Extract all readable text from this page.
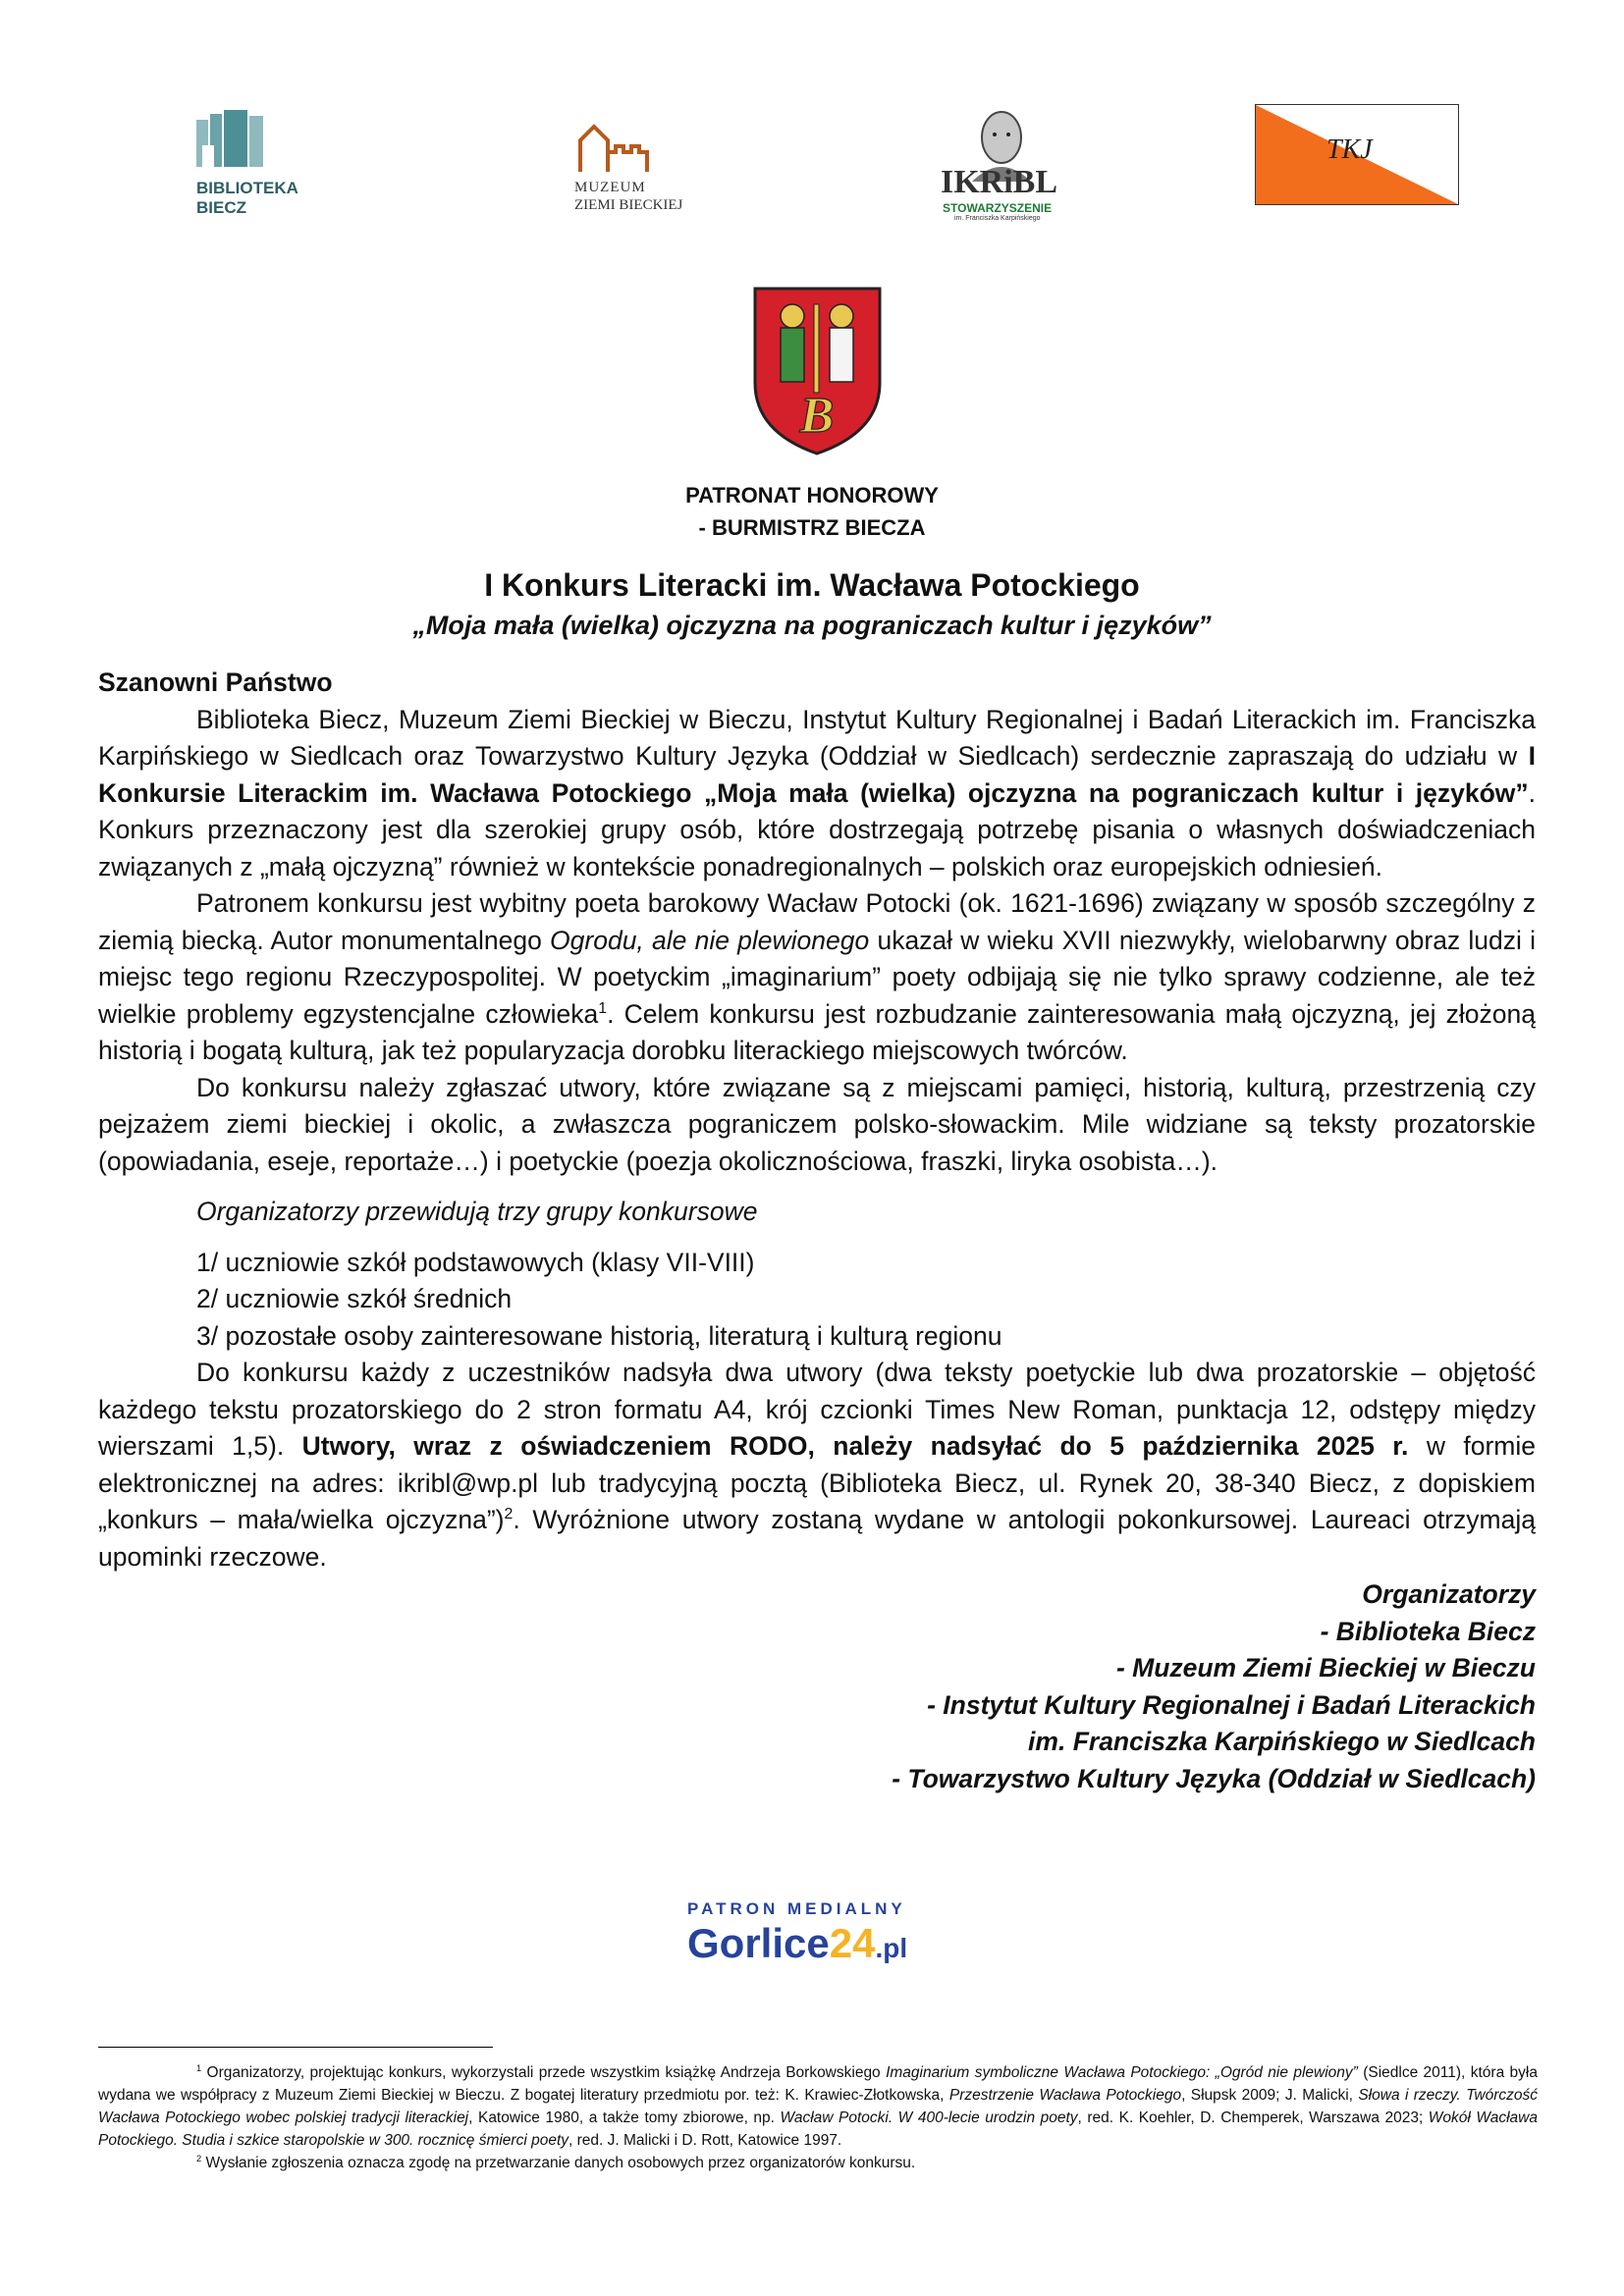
BIBLIOTEKA
BIECZ
MUZEUM
ZIEMI BIECKIEJ
IKRiBL
STOWARZYSZENIE
im. Franciszka Karpińskiego
TKJ
B
PATRONAT HONOROWY
- BURMISTRZ BIECZA
I Konkurs Literacki im. Wacława Potockiego
„Moja mała (wielka) ojczyzna na pograniczach kultur i języków”

Szanowni Państwo

Biblioteka Biecz, Muzeum Ziemi Bieckiej w Bieczu, Instytut Kultury Regionalnej i Badań Literackich im. Franciszka Karpińskiego w Siedlcach oraz Towarzystwo Kultury Języka (Oddział w Siedlcach) serdecznie zapraszają do udziału w I Konkursie Literackim im. Wacława Potockiego „Moja mała (wielka) ojczyzna na pograniczach kultur i języków”. Konkurs przeznaczony jest dla szerokiej grupy osób, które dostrzegają potrzebę pisania o własnych doświadczeniach związanych z „małą ojczyzną” również w kontekście ponadregionalnych – polskich oraz europejskich odniesień.

Patronem konkursu jest wybitny poeta barokowy Wacław Potocki (ok. 1621-1696) związany w sposób szczególny z ziemią biecką. Autor monumentalnego Ogrodu, ale nie plewionego ukazał w wieku XVII niezwykły, wielobarwny obraz ludzi i miejsc tego regionu Rzeczypospolitej. W poetyckim „imaginarium” poety odbijają się nie tylko sprawy codzienne, ale też wielkie problemy egzystencjalne człowieka$^1$. Celem konkursu jest rozbudzanie zainteresowania małą ojczyzną, jej złożoną historią i bogatą kulturą, jak też popularyzacja dorobku literackiego miejscowych twórców.

Do konkursu należy zgłaszać utwory, które związane są z miejscami pamięci, historią, kulturą, przestrzenią czy pejzażem ziemi bieckiej i okolic, a zwłaszcza pograniczem polsko-słowackim. Mile widziane są teksty prozatorskie (opowiadania, eseje, reportaże…) i poetyckie (poezja okolicznościowa, fraszki, liryka osobista…).

Organizatorzy przewidują trzy grupy konkursowe

1/ uczniowie szkół podstawowych (klasy VII-VIII)

2/ uczniowie szkół średnich

3/ pozostałe osoby zainteresowane historią, literaturą i kulturą regionu

Do konkursu każdy z uczestników nadsyła dwa utwory (dwa teksty poetyckie lub dwa prozatorskie – objętość każdego tekstu prozatorskiego do 2 stron formatu A4, krój czcionki Times New Roman, punktacja 12, odstępy między wierszami 1,5). Utwory, wraz z oświadczeniem RODO, należy nadsyłać do 5 października 2025 r. w formie elektronicznej na adres: ikribl@wp.pl lub tradycyjną pocztą (Biblioteka Biecz, ul. Rynek 20, 38-340 Biecz, z dopiskiem „konkurs – mała/wielka ojczyzna”)$^2$. Wyróżnione utwory zostaną wydane w antologii pokonkursowej. Laureaci otrzymają upominki rzeczowe.

Organizatorzy

- Biblioteka Biecz

- Muzeum Ziemi Bieckiej w Bieczu

- Instytut Kultury Regionalnej i Badań Literackich

im. Franciszka Karpińskiego w Siedlcach

- Towarzystwo Kultury Języka (Oddział w Siedlcach)

PATRON MEDIALNY
Gorlice24.pl

$^1$ Organizatorzy, projektując konkurs, wykorzystali przede wszystkim książkę Andrzeja Borkowskiego Imaginarium symboliczne Wacława Potockiego: „Ogród nie plewiony” (Siedlce 2011), która była wydana we współpracy z Muzeum Ziemi Bieckiej w Bieczu. Z bogatej literatury przedmiotu por. też: K. Krawiec-Złotkowska, Przestrzenie Wacława Potockiego, Słupsk 2009; J. Malicki, Słowa i rzeczy. Twórczość Wacława Potockiego wobec polskiej tradycji literackiej, Katowice 1980, a także tomy zbiorowe, np. Wacław Potocki. W 400-lecie urodzin poety, red. K. Koehler, D. Chemperek, Warszawa 2023; Wokół Wacława Potockiego. Studia i szkice staropolskie w 300. rocznicę śmierci poety, red. J. Malicki i D. Rott, Katowice 1997.

$^2$ Wysłanie zgłoszenia oznacza zgodę na przetwarzanie danych osobowych przez organizatorów konkursu.
